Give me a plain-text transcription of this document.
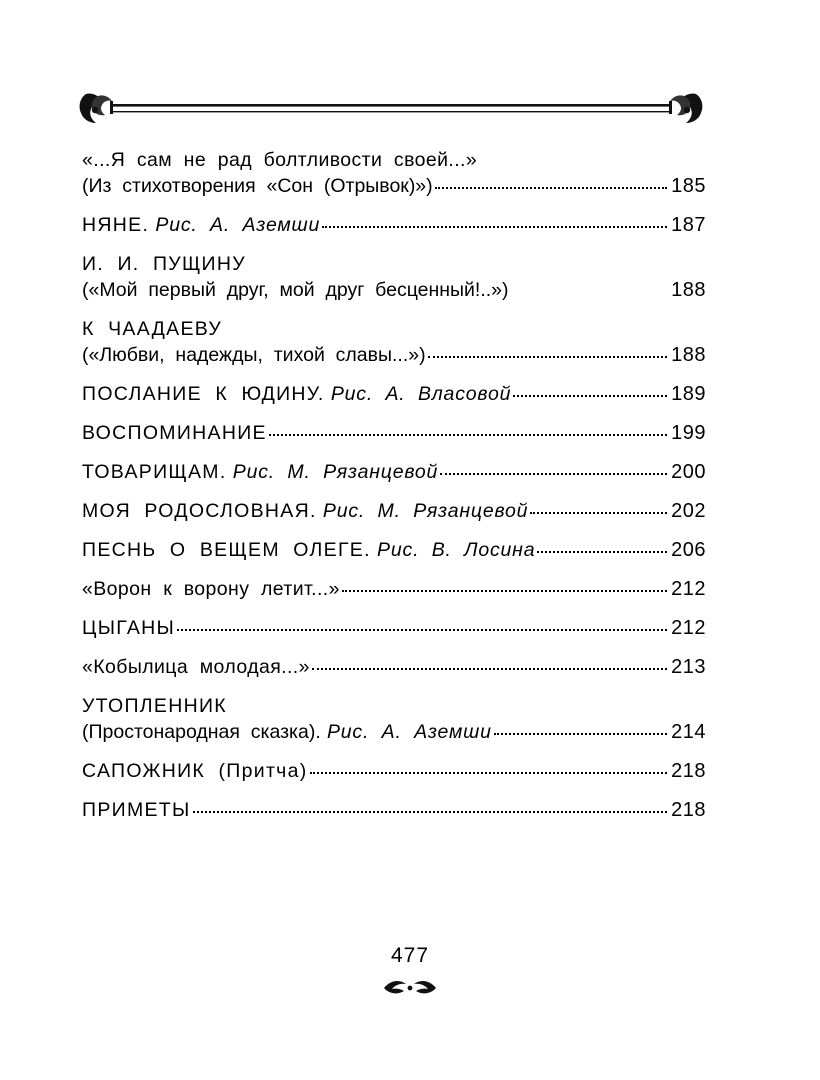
«...Я  сам  не  рад  болтливости  своей...»
(Из  стихотворения  «Сон  (Отрывок)»)	185
НЯНЕ. Рис.  А.  Аземши	187
И.  И.  ПУЩИНУ
(«Мой  первый  друг,  мой  друг  бесценный!..»)	188
К  ЧААДАЕВУ
(«Любви,  надежды,  тихой  славы...»)	188
ПОСЛАНИЕ  К  ЮДИНУ. Рис.  А.  Власовой	189
ВОСПОМИНАНИЕ	199
ТОВАРИЩАМ. Рис.  М.  Рязанцевой	200
МОЯ  РОДОСЛОВНАЯ. Рис.  М.  Рязанцевой	202
ПЕСНЬ  О  ВЕЩЕМ  ОЛЕГЕ. Рис.  В.  Лосина	206
«Ворон  к  ворону  летит...»	212
ЦЫГАНЫ	212
«Кобылица  молодая...»	213
УТОПЛЕННИК
(Простонародная  сказка). Рис.  А.  Аземши	214
САПОЖНИК  (Притча)	218
ПРИМЕТЫ	218
477
